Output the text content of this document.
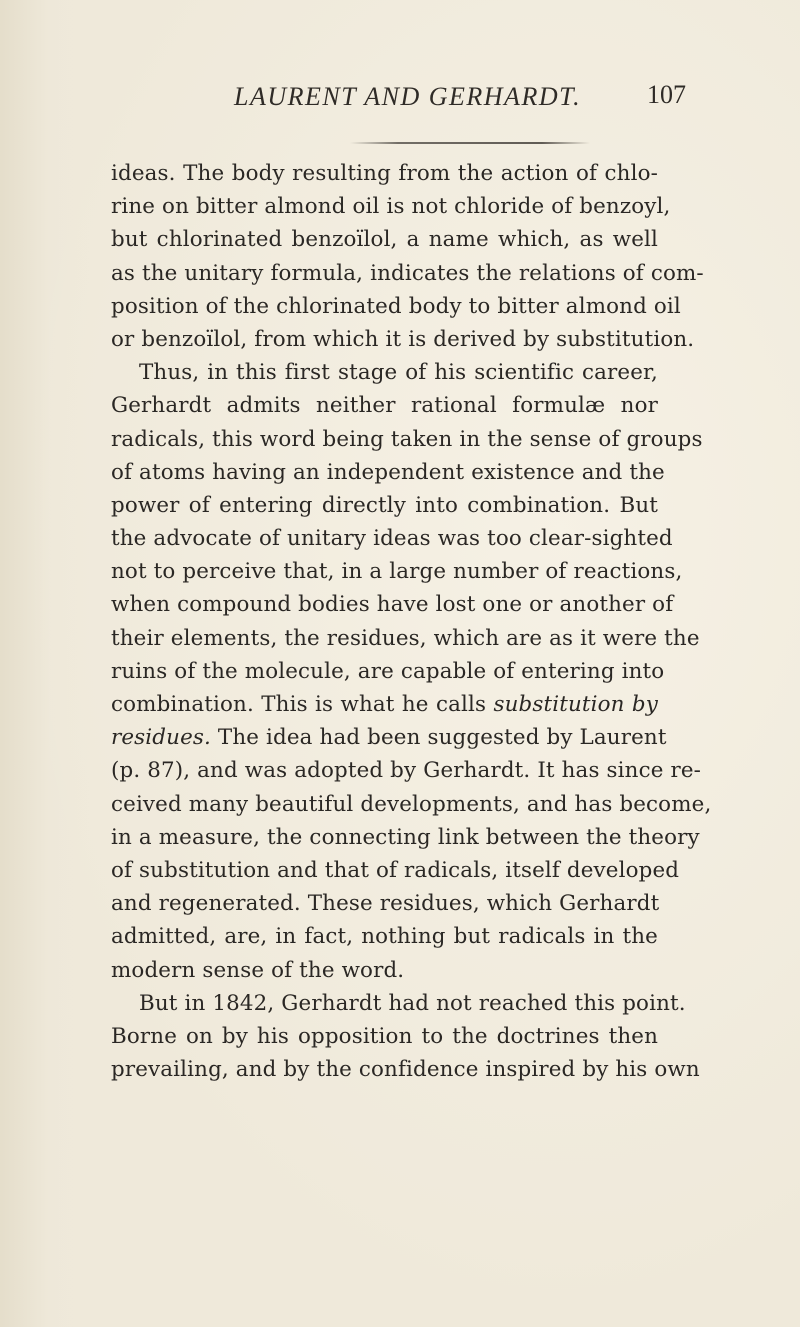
LAURENT AND GERHARDT.	107
ideas. The body resulting from the action of chlo-
rine on bitter almond oil is not chloride of benzoyl,
but chlorinated benzoïlol, a name which, as well
as the unitary formula, indicates the relations of com-
position of the chlorinated body to bitter almond oil
or benzoïlol, from which it is derived by substitution.
Thus, in this first stage of his scientific career,
Gerhardt admits neither rational formulæ nor
radicals, this word being taken in the sense of groups
of atoms having an independent existence and the
power of entering directly into combination. But
the advocate of unitary ideas was too clear-sighted
not to perceive that, in a large number of reactions,
when compound bodies have lost one or another of
their elements, the residues, which are as it were the
ruins of the molecule, are capable of entering into
combination. This is what he calls substitution by
residues. The idea had been suggested by Laurent
(p. 87), and was adopted by Gerhardt. It has since re-
ceived many beautiful developments, and has become,
in a measure, the connecting link between the theory
of substitution and that of radicals, itself developed
and regenerated. These residues, which Gerhardt
admitted, are, in fact, nothing but radicals in the
modern sense of the word.
But in 1842, Gerhardt had not reached this point.
Borne on by his opposition to the doctrines then
prevailing, and by the confidence inspired by his own
